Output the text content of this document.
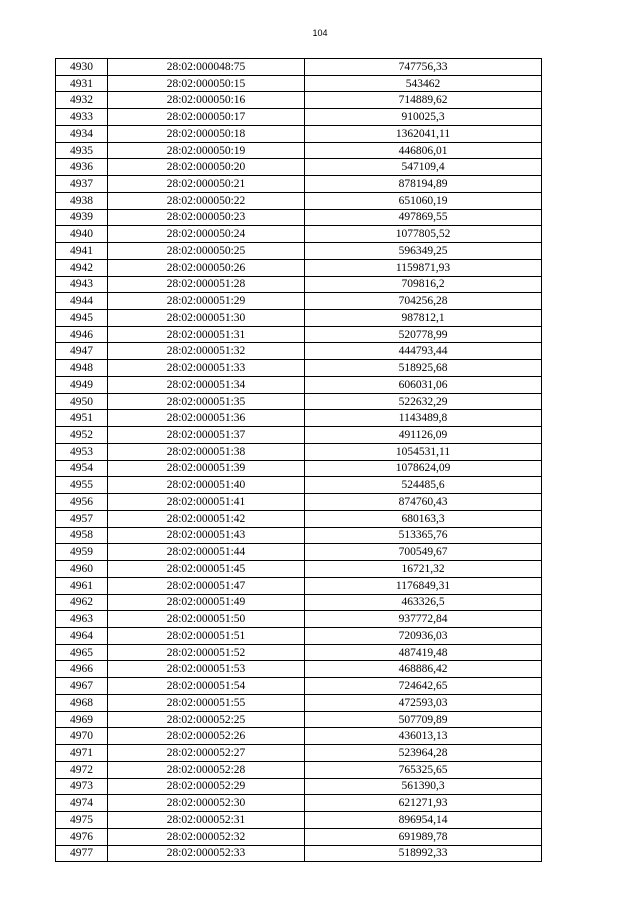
104
4930	28:02:000048:75	747756,33
4931	28:02:000050:15	543462
4932	28:02:000050:16	714889,62
4933	28:02:000050:17	910025,3
4934	28:02:000050:18	1362041,11
4935	28:02:000050:19	446806,01
4936	28:02:000050:20	547109,4
4937	28:02:000050:21	878194,89
4938	28:02:000050:22	651060,19
4939	28:02:000050:23	497869,55
4940	28:02:000050:24	1077805,52
4941	28:02:000050:25	596349,25
4942	28:02:000050:26	1159871,93
4943	28:02:000051:28	709816,2
4944	28:02:000051:29	704256,28
4945	28:02:000051:30	987812,1
4946	28:02:000051:31	520778,99
4947	28:02:000051:32	444793,44
4948	28:02:000051:33	518925,68
4949	28:02:000051:34	606031,06
4950	28:02:000051:35	522632,29
4951	28:02:000051:36	1143489,8
4952	28:02:000051:37	491126,09
4953	28:02:000051:38	1054531,11
4954	28:02:000051:39	1078624,09
4955	28:02:000051:40	524485,6
4956	28:02:000051:41	874760,43
4957	28:02:000051:42	680163,3
4958	28:02:000051:43	513365,76
4959	28:02:000051:44	700549,67
4960	28:02:000051:45	16721,32
4961	28:02:000051:47	1176849,31
4962	28:02:000051:49	463326,5
4963	28:02:000051:50	937772,84
4964	28:02:000051:51	720936,03
4965	28:02:000051:52	487419,48
4966	28:02:000051:53	468886,42
4967	28:02:000051:54	724642,65
4968	28:02:000051:55	472593,03
4969	28:02:000052:25	507709,89
4970	28:02:000052:26	436013,13
4971	28:02:000052:27	523964,28
4972	28:02:000052:28	765325,65
4973	28:02:000052:29	561390,3
4974	28:02:000052:30	621271,93
4975	28:02:000052:31	896954,14
4976	28:02:000052:32	691989,78
4977	28:02:000052:33	518992,33
